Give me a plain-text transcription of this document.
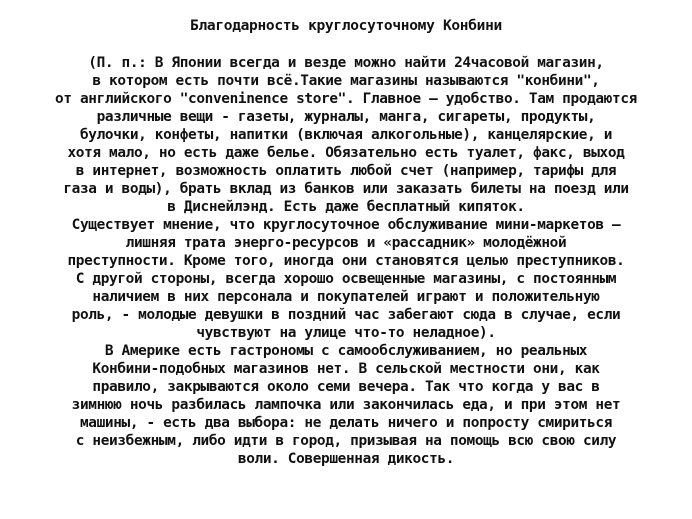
Благодарность круглосуточному Конбини
(П. п.: В Японии всегда и везде можно найти 24часовой магазин,
в котором есть почти всё.Такие магазины называются "конбини",
от английского "conveninence store". Главное – удобство. Там продаются
различные вещи - газеты, журналы, манга, сигареты, продукты,
булочки, конфеты, напитки (включая алкогольные), канцелярские, и
хотя мало, но есть даже белье. Обязательно есть туалет, факс, выход
в интернет, возможность оплатить любой счет (например, тарифы для
газа и воды), брать вклад из банков или заказать билеты на поезд или
в Диснейлэнд. Есть даже бесплатный кипяток.
Существует мнение, что круглосуточное обслуживание мини-маркетов –
лишняя трата энерго-ресурсов и «рассадник» молодёжной
преступности. Кроме того, иногда они становятся целью преступников.
С другой стороны, всегда хорошо освещенные магазины, с постоянным
наличием в них персонала и покупателей играют и положительную
роль, - молодые девушки в поздний час забегают сюда в случае, если
чувствуют на улице что-то неладное).
В Америке есть гастрономы с самообслуживанием, но реальных
Конбини-подобных магазинов нет. В сельской местности они, как
правило, закрываются около семи вечера. Так что когда у вас в
зимнюю ночь разбилась лампочка или закончилась еда, и при этом нет
машины, - есть два выбора: не делать ничего и попросту смириться
с неизбежным, либо идти в город, призывая на помощь всю свою силу
воли. Совершенная дикость.
